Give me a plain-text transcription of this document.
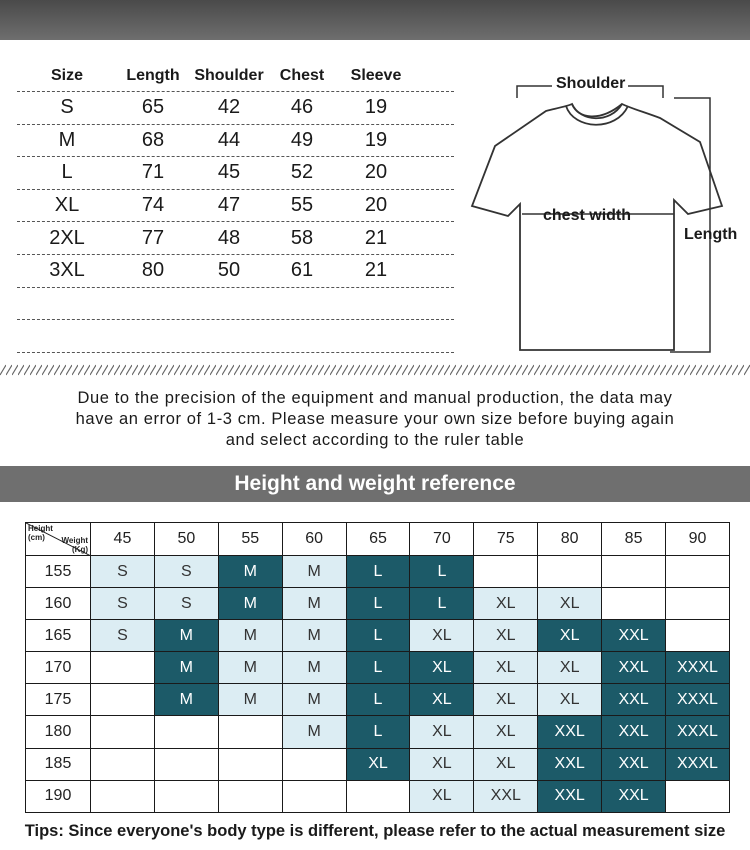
Size	Length Shoulder	Chest	Sleeve
S	65	42	46	19
M	68	44	49	19
L	71	45	52	20
XL	74	47	55	20
2XL	77	48	58	21
3XL	80	50	61	21
Shoulder
chest width
Length
Due to the precision of the equipment and manual production, the data may
have an error of 1-3 cm. Please measure your own size before buying again
and select according to the ruler table
Height and weight reference
Height
(cm) Weight
(Kg)	45	50	55	60	65	70	75	80	85	90
155	S	S	M	M	L	L				
160	S	S	M	M	L	L	XL	XL		
165	S	M	M	M	L	XL	XL	XL	XXL	
170		M	M	M	L	XL	XL	XL	XXL	XXXL
175		M	M	M	L	XL	XL	XL	XXL	XXXL
180				M	L	XL	XL	XXL	XXL	XXXL
185					XL	XL	XL	XXL	XXL	XXXL
190						XL	XXL	XXL	XXL	
Tips: Since everyone's body type is different, please refer to the actual measurement size
